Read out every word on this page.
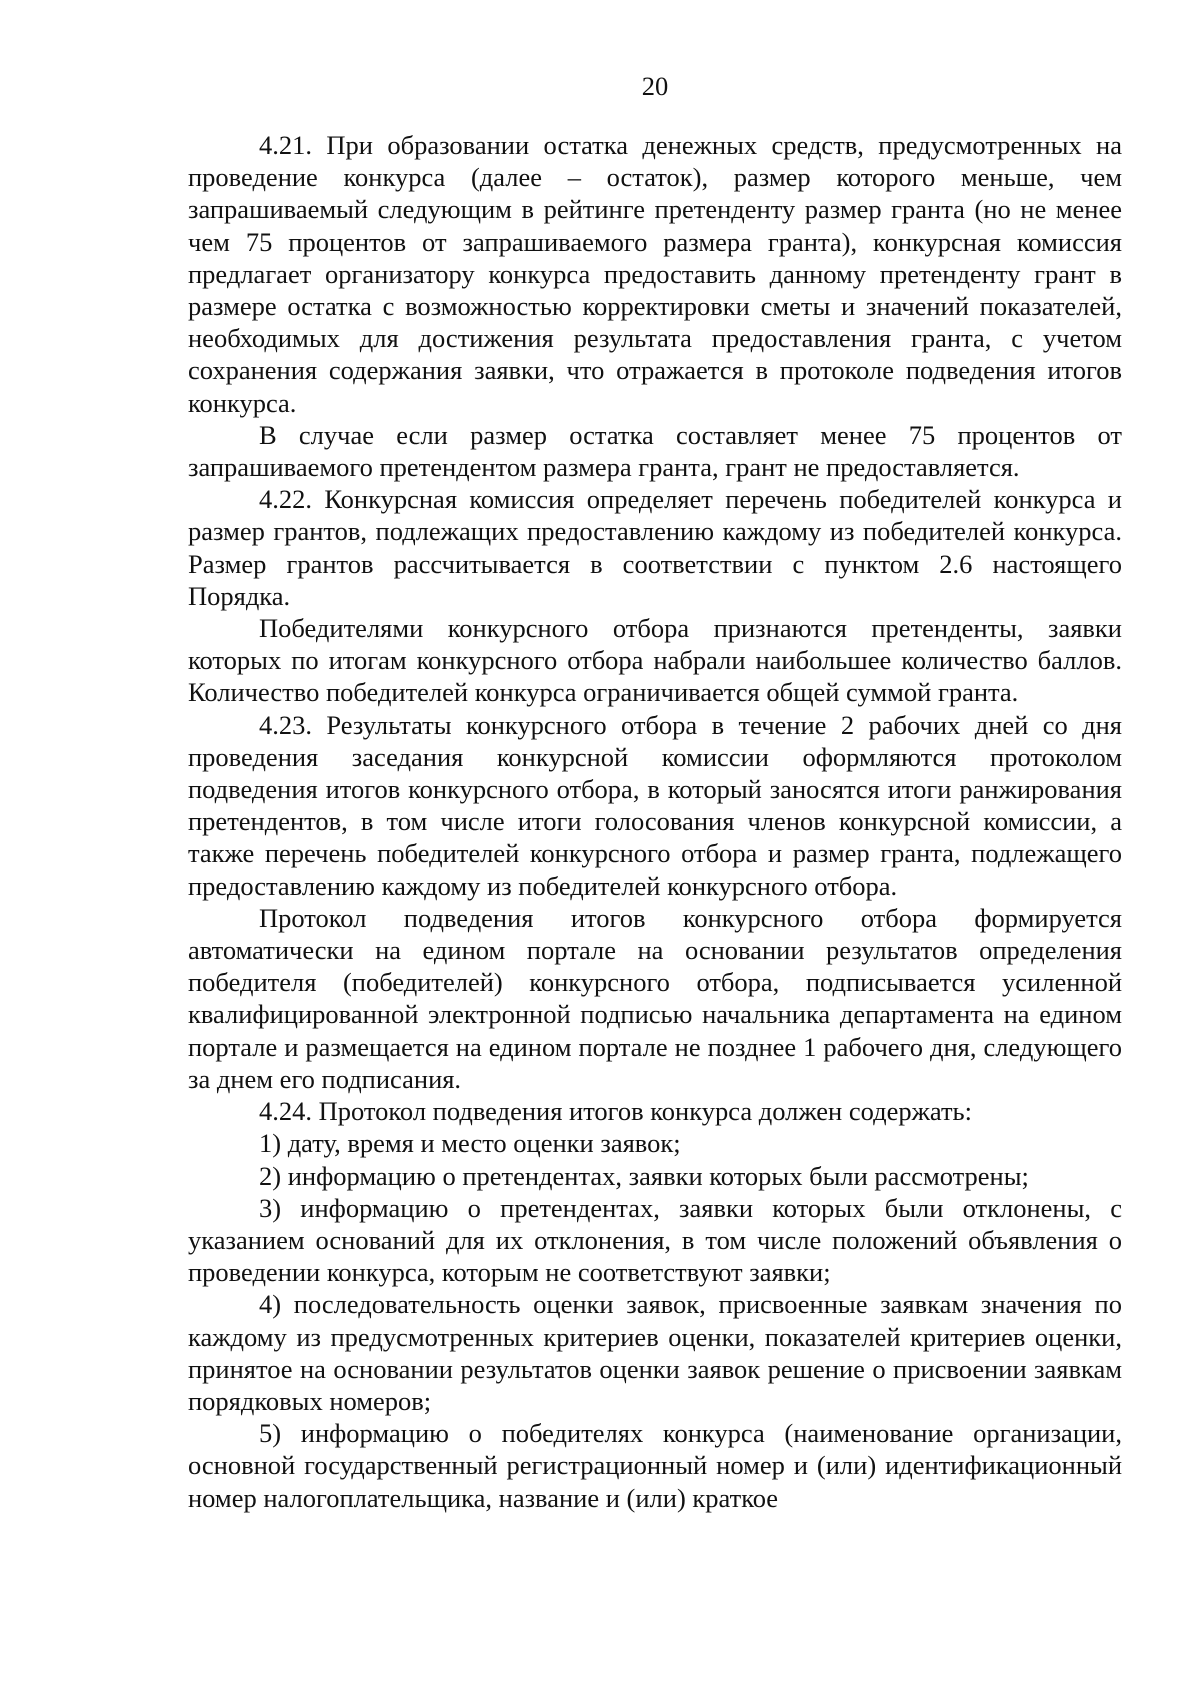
20

4.21. При образовании остатка денежных средств, предусмотренных на проведение конкурса (далее – остаток), размер которого меньше, чем запрашиваемый следующим в рейтинге претенденту размер гранта (но не менее чем 75 процентов от запрашиваемого размера гранта), конкурсная комиссия предлагает организатору конкурса предоставить данному претенденту грант в размере остатка с возможностью корректировки сметы и значений показателей, необходимых для достижения результата предоставления гранта, с учетом сохранения содержания заявки, что отражается в протоколе подведения итогов конкурса.

В случае если размер остатка составляет менее 75 процентов от запрашиваемого претендентом размера гранта, грант не предоставляется.

4.22. Конкурсная комиссия определяет перечень победителей конкурса и размер грантов, подлежащих предоставлению каждому из победителей конкурса. Размер грантов рассчитывается в соответствии с пунктом 2.6 настоящего Порядка.

Победителями конкурсного отбора признаются претенденты, заявки которых по итогам конкурсного отбора набрали наибольшее количество баллов. Количество победителей конкурса ограничивается общей суммой гранта.

4.23. Результаты конкурсного отбора в течение 2 рабочих дней со дня проведения заседания конкурсной комиссии оформляются протоколом подведения итогов конкурсного отбора, в который заносятся итоги ранжирования претендентов, в том числе итоги голосования членов конкурсной комиссии, а также перечень победителей конкурсного отбора и размер гранта, подлежащего предоставлению каждому из победителей конкурсного отбора.

Протокол подведения итогов конкурсного отбора формируется автоматически на едином портале на основании результатов определения победителя (победителей) конкурсного отбора, подписывается усиленной квалифицированной электронной подписью начальника департамента на едином портале и размещается на едином портале не позднее 1 рабочего дня, следующего за днем его подписания.

4.24. Протокол подведения итогов конкурса должен содержать:

1) дату, время и место оценки заявок;

2) информацию о претендентах, заявки которых были рассмотрены;

3) информацию о претендентах, заявки которых были отклонены, с указанием оснований для их отклонения, в том числе положений объявления о проведении конкурса, которым не соответствуют заявки;

4) последовательность оценки заявок, присвоенные заявкам значения по каждому из предусмотренных критериев оценки, показателей критериев оценки, принятое на основании результатов оценки заявок решение о присвоении заявкам порядковых номеров;

5) информацию о победителях конкурса (наименование организации, основной государственный регистрационный номер и (или) идентификационный номер налогоплательщика, название и (или) краткое
